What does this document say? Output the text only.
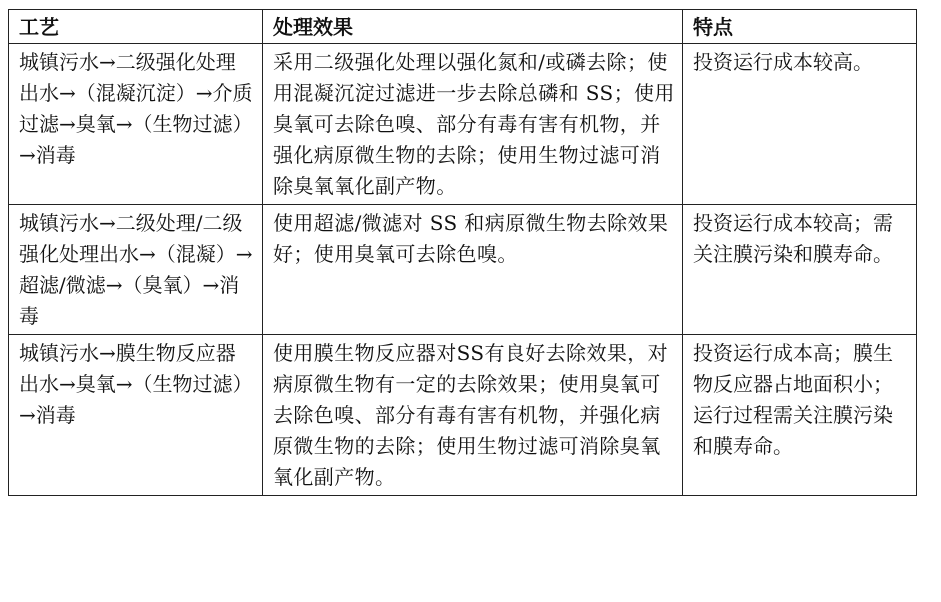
工艺	处理效果	特点
城镇污水→二级强化处理出水→（混凝沉淀）→介质过滤→臭氧→（生物过滤）→消毒	采用二级强化处理以强化氮和/或磷去除；使用混凝沉淀过滤进一步去除总磷和 SS；使用臭氧可去除色嗅、部分有毒有害有机物，并强化病原微生物的去除；使用生物过滤可消除臭氧氧化副产物。	投资运行成本较高。
城镇污水→二级处理/二级强化处理出水→（混凝）→超滤/微滤→（臭氧）→消毒	使用超滤/微滤对 SS 和病原微生物去除效果好；使用臭氧可去除色嗅。	投资运行成本较高；需关注膜污染和膜寿命。
城镇污水→膜生物反应器出水→臭氧→（生物过滤）→消毒	使用膜生物反应器对SS有良好去除效果，对病原微生物有一定的去除效果；使用臭氧可去除色嗅、部分有毒有害有机物，并强化病原微生物的去除；使用生物过滤可消除臭氧氧化副产物。	投资运行成本高；膜生物反应器占地面积小；运行过程需关注膜污染和膜寿命。
